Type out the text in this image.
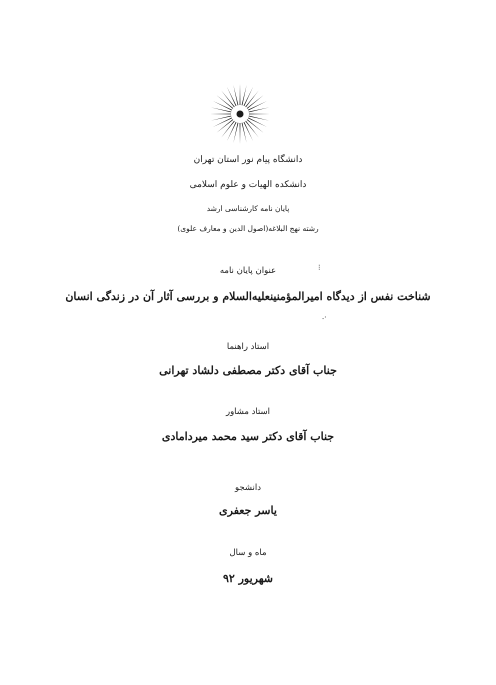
دانشگاه پیام نور استان تهران
دانشکده الهیات و علوم اسلامی
پایان نامه کارشناسی ارشد
رشته نهج البلاغه(اصول الدین و معارف علوی)
عنوان پایان نامه
شناخت نفس از دیدگاه امیرالمؤمنینعليه‌السلام و بررسی آثار آن در زندگی انسان
استاد راهنما
جناب آقای دکتر مصطفی دلشاد تهرانی
استاد مشاور
جناب آقای دکتر سید محمد میردامادی
دانشجو
یاسر جعفری
ماه و سال
شهریور ۹۲
⁝
⸳·
